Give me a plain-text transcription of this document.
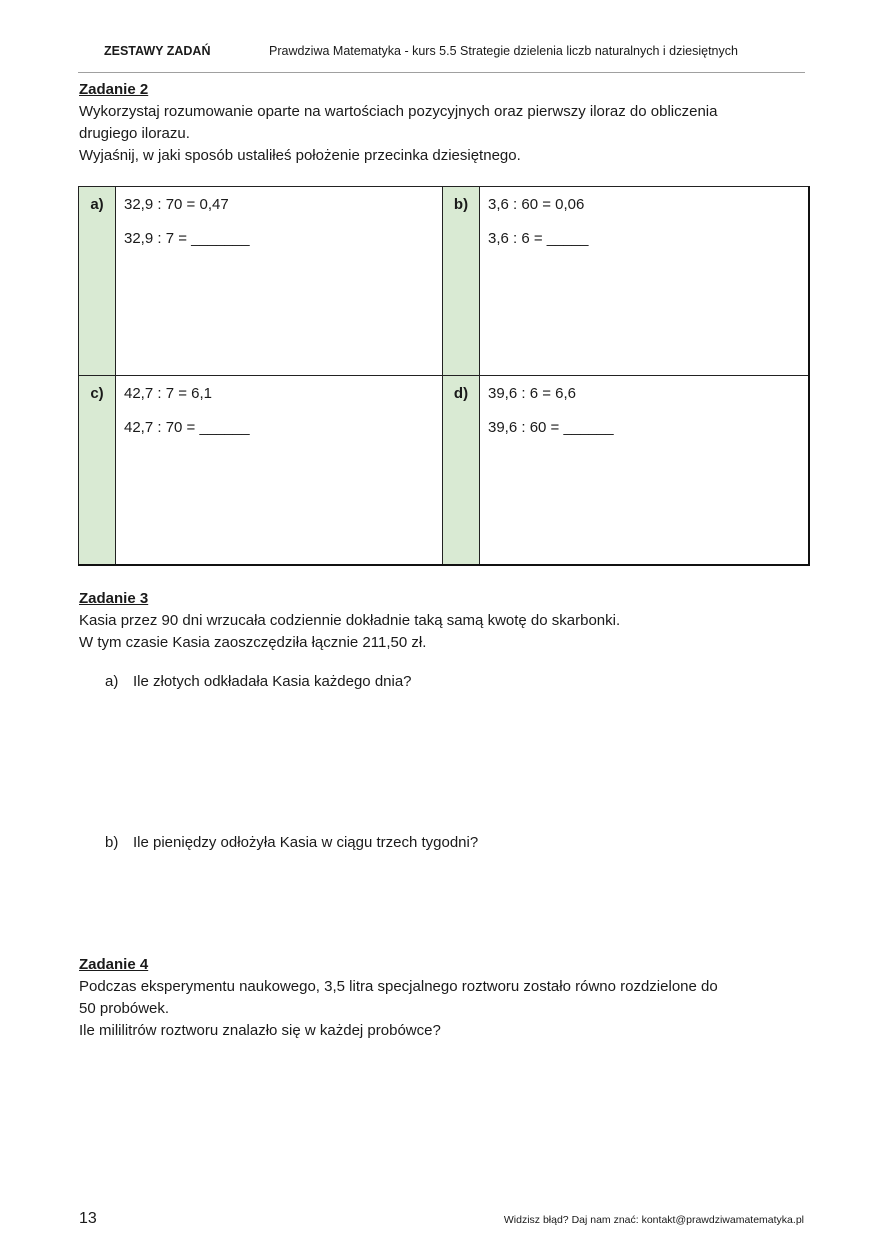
ZESTAWY ZADAŃ	Prawdziwa Matematyka - kurs 5.5 Strategie dzielenia liczb naturalnych i dziesiętnych

Zadanie 2

Wykorzystaj rozumowanie oparte na wartościach pozycyjnych oraz pierwszy iloraz do obliczenia

drugiego ilorazu.

Wyjaśnij, w jaki sposób ustaliłeś położenie przecinka dziesiętnego.

a)	32,9 : 70 = 0,47
32,9 : 7 = _______

b)	3,6 : 60 = 0,06
3,6 : 6 = _____

c)	42,7 : 7 = 6,1
42,7 : 70 = ______

d)	39,6 : 6 = 6,6
39,6 : 60 = ______

Zadanie 3

Kasia przez 90 dni wrzucała codziennie dokładnie taką samą kwotę do skarbonki.

W tym czasie Kasia zaoszczędziła łącznie 211,50 zł.

a) Ile złotych odkładała Kasia każdego dnia?
b) Ile pieniędzy odłożyła Kasia w ciągu trzech tygodni?

Zadanie 4

Podczas eksperymentu naukowego, 3,5 litra specjalnego roztworu zostało równo rozdzielone do

50 probówek.

Ile mililitrów roztworu znalazło się w każdej probówce?

13	Widzisz błąd? Daj nam znać: kontakt@prawdziwamatematyka.pl
